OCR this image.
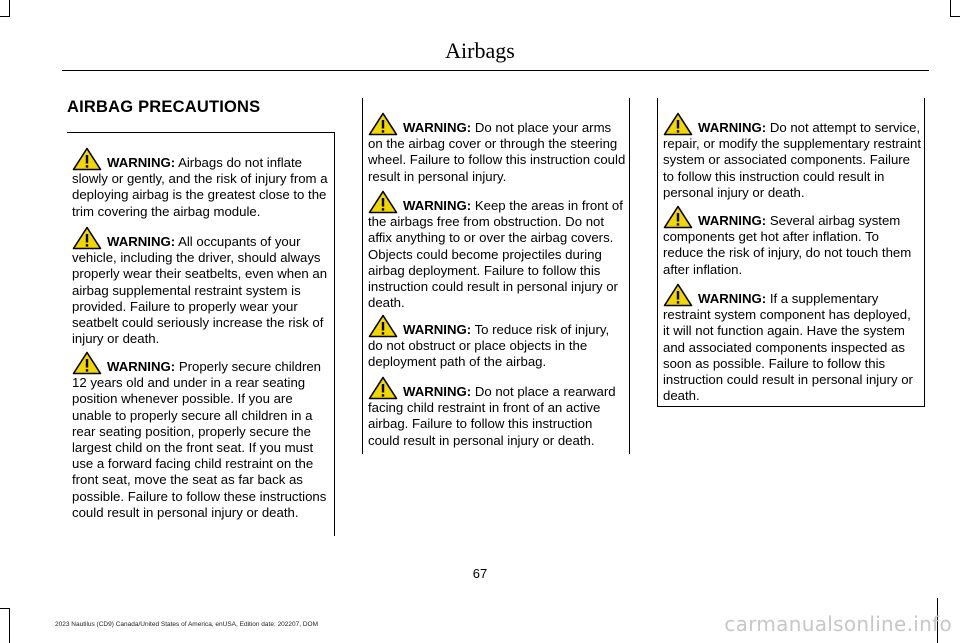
Airbags
AIRBAG PRECAUTIONS
WARNING: Airbags do not inflate slowly or gently, and the risk of injury from a deploying airbag is the greatest close to the trim covering the airbag module.
WARNING: All occupants of your vehicle, including the driver, should always properly wear their seatbelts, even when an airbag supplemental restraint system is provided. Failure to properly wear your seatbelt could seriously increase the risk of injury or death.
WARNING: Properly secure children 12 years old and under in a rear seating position whenever possible. If you are unable to properly secure all children in a rear seating position, properly secure the largest child on the front seat. If you must use a forward facing child restraint on the front seat, move the seat as far back as possible. Failure to follow these instructions could result in personal injury or death.
WARNING: Do not place your arms on the airbag cover or through the steering wheel. Failure to follow this instruction could result in personal injury.
WARNING: Keep the areas in front of the airbags free from obstruction. Do not affix anything to or over the airbag covers. Objects could become projectiles during airbag deployment. Failure to follow this instruction could result in personal injury or death.
WARNING: To reduce risk of injury, do not obstruct or place objects in the deployment path of the airbag.
WARNING: Do not place a rearward facing child restraint in front of an active airbag. Failure to follow this instruction could result in personal injury or death.
WARNING: Do not attempt to service, repair, or modify the supplementary restraint system or associated components. Failure to follow this instruction could result in personal injury or death.
WARNING: Several airbag system components get hot after inflation. To reduce the risk of injury, do not touch them after inflation.
WARNING: If a supplementary restraint system component has deployed, it will not function again. Have the system and associated components inspected as soon as possible. Failure to follow this instruction could result in personal injury or death.
67
2023 Nautilus (CD9) Canada/United States of America, enUSA, Edition date: 202207, DOM	carmanualsonline.info
